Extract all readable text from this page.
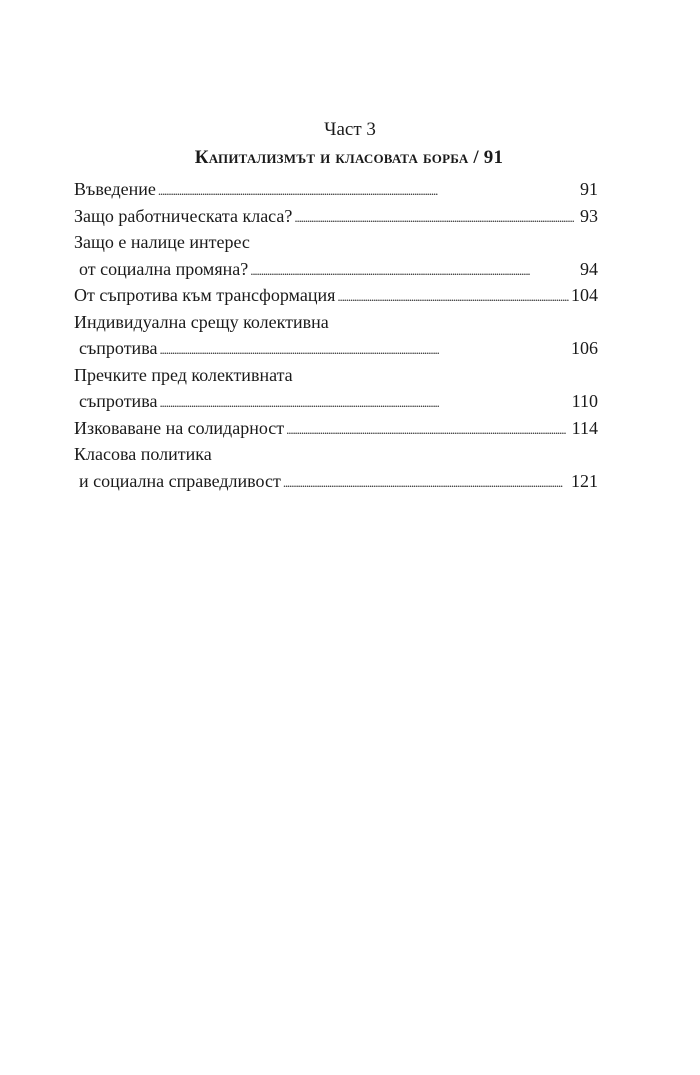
Част 3
Капитализмът и класовата борба / 91
Въведение . . .	91
Защо работническата класа? . . .	93
Защо е налице интерес
от социална промяна? . . .	94
От съпротива към трансформация . . .	104
Индивидуална срещу колективна
съпротива . . .	106
Пречките пред колективната
съпротива . . .	110
Изковаване на солидарност . . .	114
Класова политика
и социална справедливост . . .	121
